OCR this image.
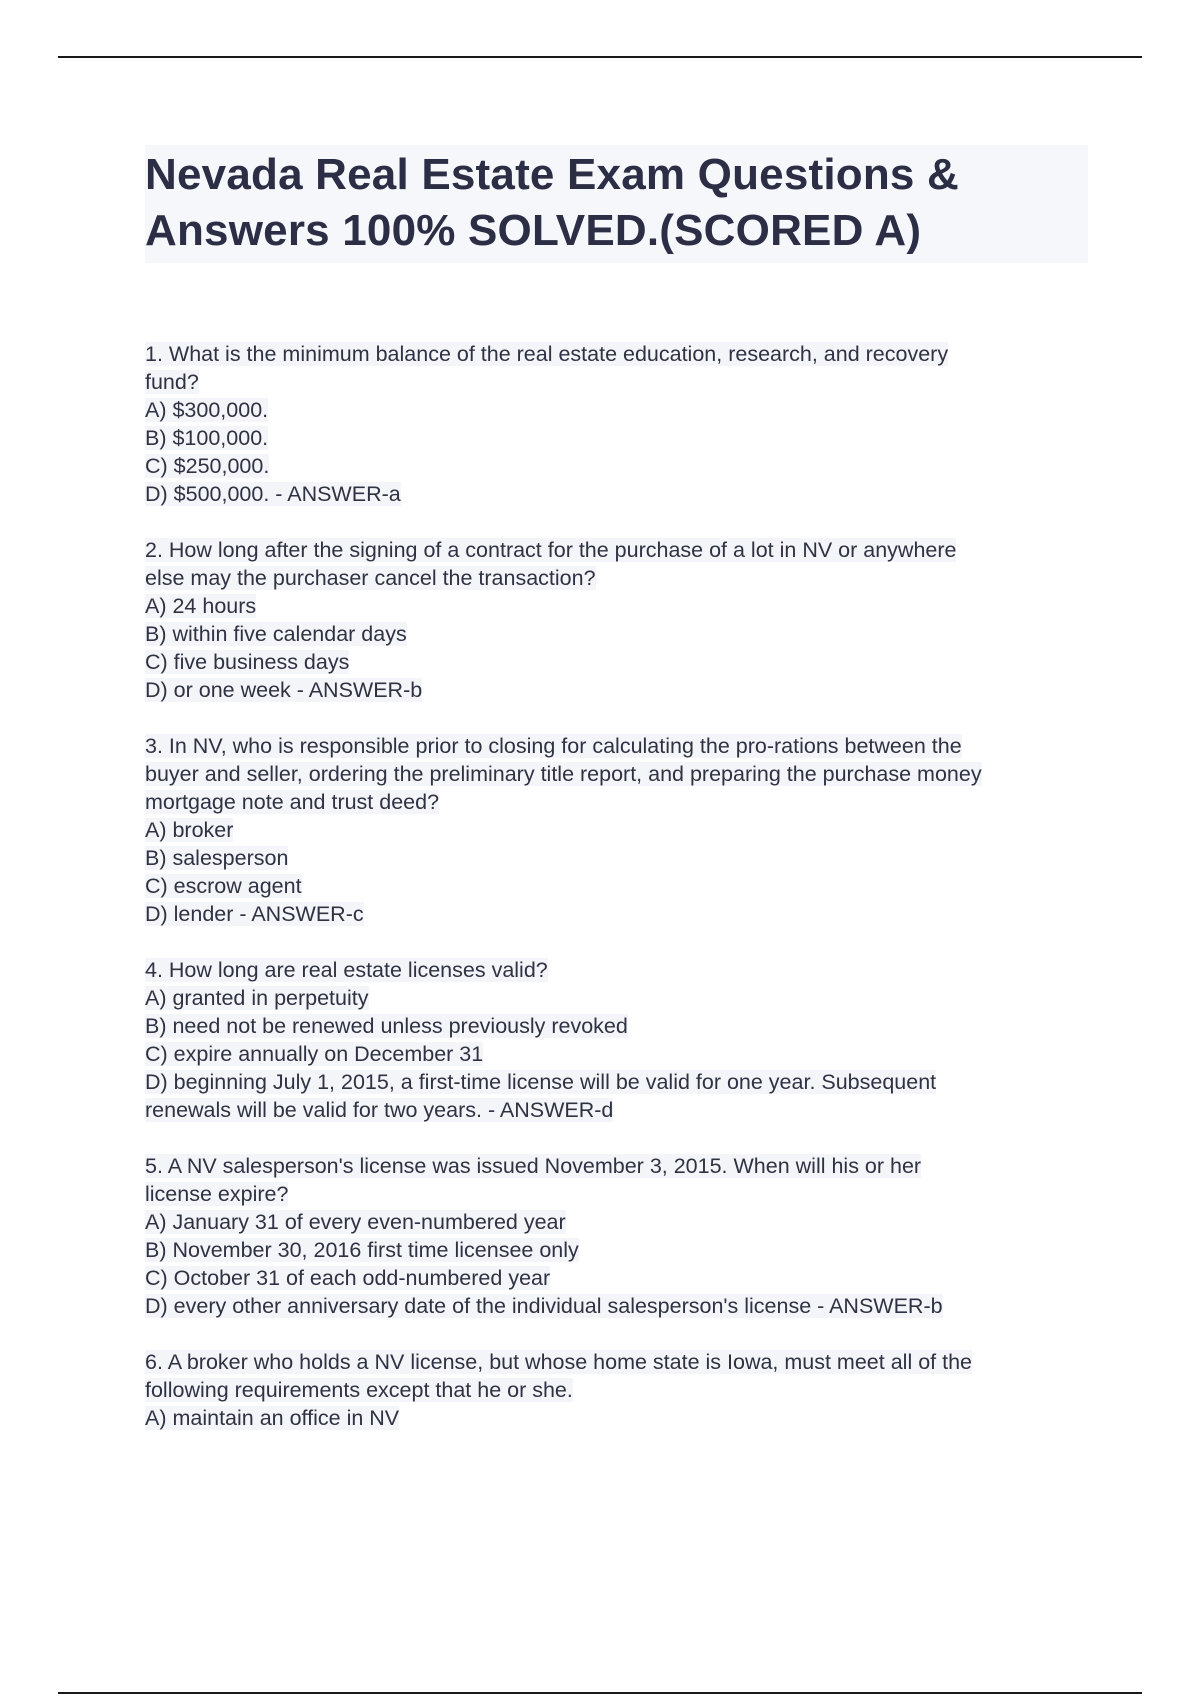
Nevada Real Estate Exam Questions &
Answers 100% SOLVED.(SCORED A)
1. What is the minimum balance of the real estate education, research, and recovery
fund?
A) $300,000.
B) $100,000.
C) $250,000.
D) $500,000. - ANSWER-a
2. How long after the signing of a contract for the purchase of a lot in NV or anywhere
else may the purchaser cancel the transaction?
A) 24 hours
B) within five calendar days
C) five business days
D) or one week - ANSWER-b
3. In NV, who is responsible prior to closing for calculating the pro-rations between the
buyer and seller, ordering the preliminary title report, and preparing the purchase money
mortgage note and trust deed?
A) broker
B) salesperson
C) escrow agent
D) lender - ANSWER-c
4. How long are real estate licenses valid?
A) granted in perpetuity
B) need not be renewed unless previously revoked
C) expire annually on December 31
D) beginning July 1, 2015, a first-time license will be valid for one year. Subsequent
renewals will be valid for two years. - ANSWER-d
5. A NV salesperson's license was issued November 3, 2015. When will his or her
license expire?
A) January 31 of every even-numbered year
B) November 30, 2016 first time licensee only
C) October 31 of each odd-numbered year
D) every other anniversary date of the individual salesperson's license - ANSWER-b
6. A broker who holds a NV license, but whose home state is Iowa, must meet all of the
following requirements except that he or she.
A) maintain an office in NV
